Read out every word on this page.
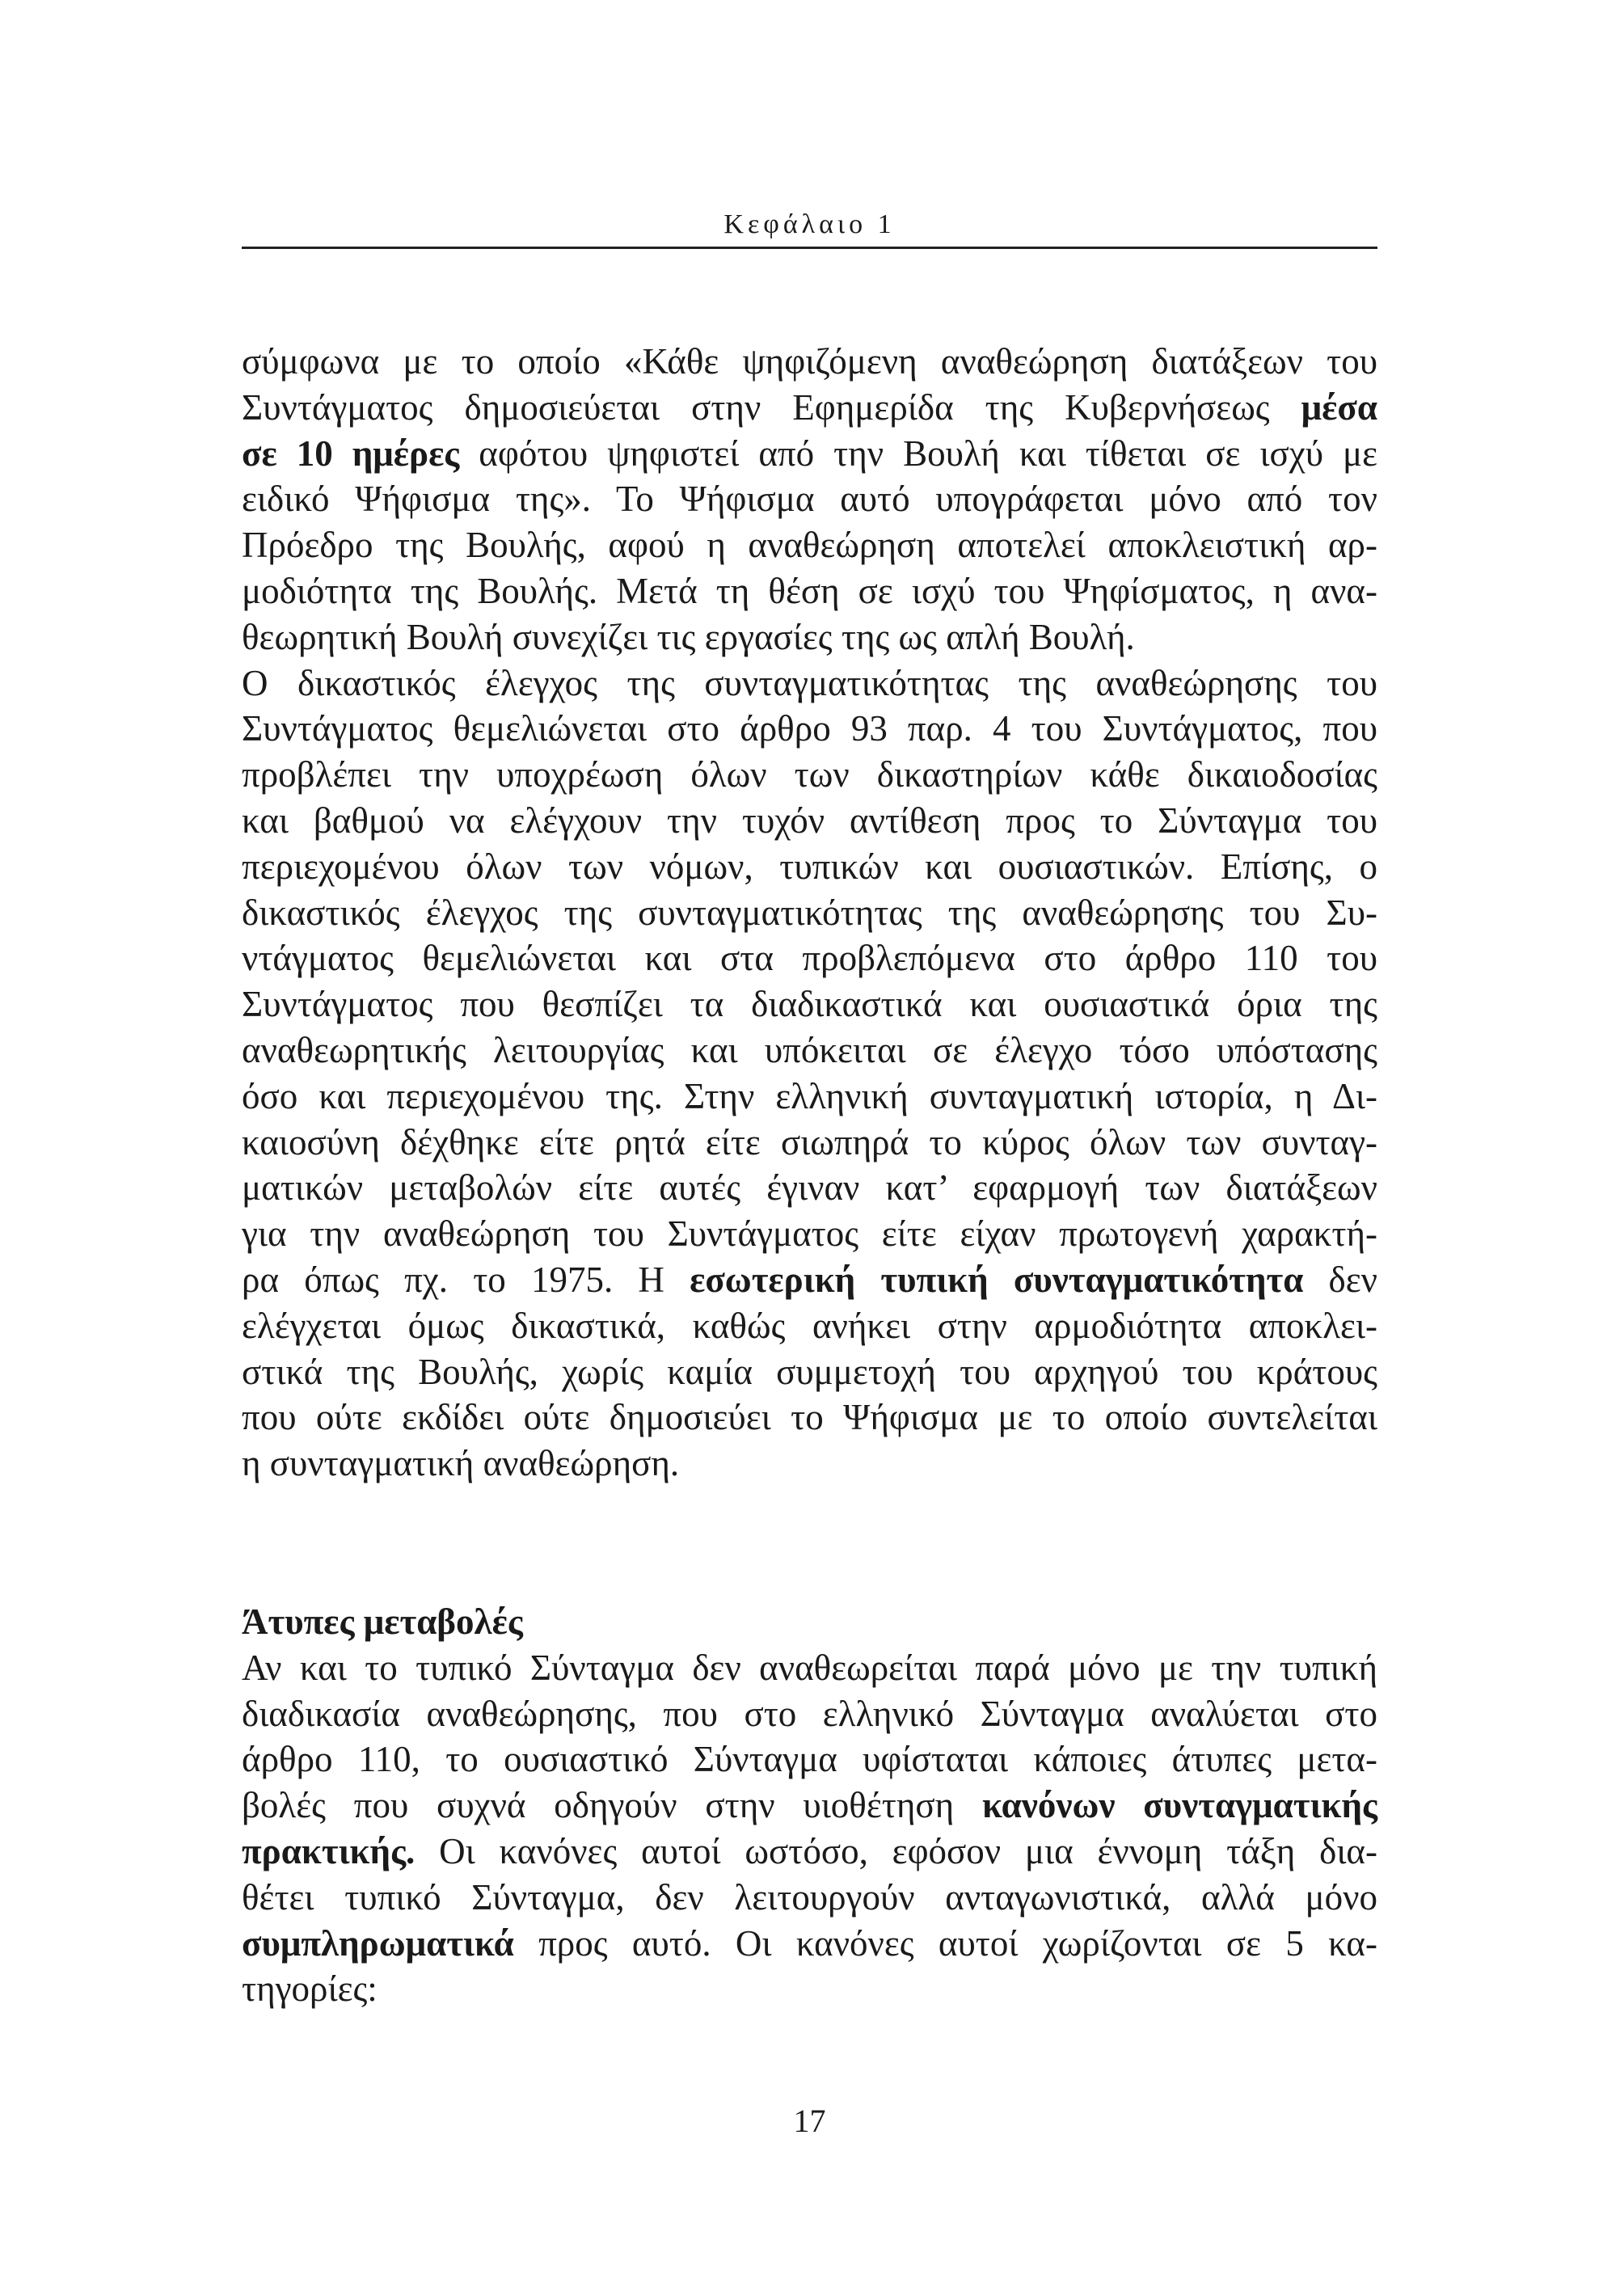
Κεφάλαιο 1
σύμφωνα με το οποίο «Κάθε ψηφιζόμενη αναθεώρηση διατάξεων του
Συντάγματος δημοσιεύεται στην Εφημερίδα της Κυβερνήσεως μέσα
σε 10 ημέρες αφότου ψηφιστεί από την Βουλή και τίθεται σε ισχύ με
ειδικό Ψήφισμα της». Το Ψήφισμα αυτό υπογράφεται μόνο από τον
Πρόεδρο της Βουλής, αφού η αναθεώρηση αποτελεί αποκλειστική αρ-
μοδιότητα της Βουλής. Μετά τη θέση σε ισχύ του Ψηφίσματος, η ανα-
θεωρητική Βουλή συνεχίζει τις εργασίες της ως απλή Βουλή.
Ο δικαστικός έλεγχος της συνταγματικότητας της αναθεώρησης του
Συντάγματος θεμελιώνεται στο άρθρο 93 παρ. 4 του Συντάγματος, που
προβλέπει την υποχρέωση όλων των δικαστηρίων κάθε δικαιοδοσίας
και βαθμού να ελέγχουν την τυχόν αντίθεση προς το Σύνταγμα του
περιεχομένου όλων των νόμων, τυπικών και ουσιαστικών. Επίσης, ο
δικαστικός έλεγχος της συνταγματικότητας της αναθεώρησης του Συ-
ντάγματος θεμελιώνεται και στα προβλεπόμενα στο άρθρο 110 του
Συντάγματος που θεσπίζει τα διαδικαστικά και ουσιαστικά όρια της
αναθεωρητικής λειτουργίας και υπόκειται σε έλεγχο τόσο υπόστασης
όσο και περιεχομένου της. Στην ελληνική συνταγματική ιστορία, η Δι-
καιοσύνη δέχθηκε είτε ρητά είτε σιωπηρά το κύρος όλων των συνταγ-
ματικών μεταβολών είτε αυτές έγιναν κατ’ εφαρμογή των διατάξεων
για την αναθεώρηση του Συντάγματος είτε είχαν πρωτογενή χαρακτή-
ρα όπως πχ. το 1975. Η εσωτερική τυπική συνταγματικότητα δεν
ελέγχεται όμως δικαστικά, καθώς ανήκει στην αρμοδιότητα αποκλει-
στικά της Βουλής, χωρίς καμία συμμετοχή του αρχηγού του κράτους
που ούτε εκδίδει ούτε δημοσιεύει το Ψήφισμα με το οποίο συντελείται
η συνταγματική αναθεώρηση.
Άτυπες μεταβολές
Αν και το τυπικό Σύνταγμα δεν αναθεωρείται παρά μόνο με την τυπική
διαδικασία αναθεώρησης, που στο ελληνικό Σύνταγμα αναλύεται στο
άρθρο 110, το ουσιαστικό Σύνταγμα υφίσταται κάποιες άτυπες μετα-
βολές που συχνά οδηγούν στην υιοθέτηση κανόνων συνταγματικής
πρακτικής. Οι κανόνες αυτοί ωστόσο, εφόσον μια έννομη τάξη δια-
θέτει τυπικό Σύνταγμα, δεν λειτουργούν ανταγωνιστικά, αλλά μόνο
συμπληρωματικά προς αυτό. Οι κανόνες αυτοί χωρίζονται σε 5 κα-
τηγορίες:
17
